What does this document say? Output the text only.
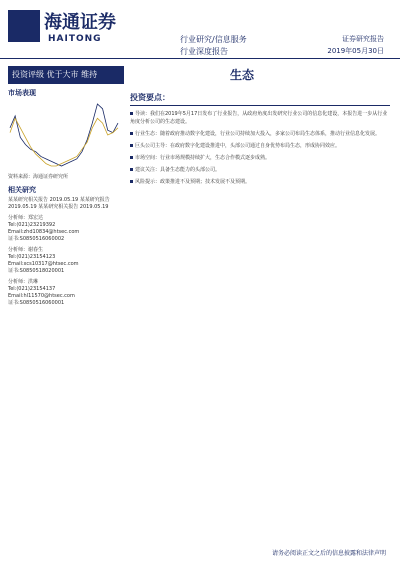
海通证券
HAITONG	行业研究/信息服务
行业深度报告
证券研究报告
2019年05月30日
投资评级 优于大市 维持	生态
市场表现
资料来源：海通证券研究所
相关研究
某某研究相关报告 2019.05.19 某某研究报告 2019.05.19 某某研究相关报告 2019.05.19
分析师：郑宏达
Tel:(021)23219392
Email:zhd10834@htsec.com
证书:S0850516060002
分析师：谢春生
Tel:(021)23154123
Email:xcs10317@htsec.com
证书:S0850518020001
分析师：洪琳
Tel:(021)23154137
Email:hl11570@htsec.com
证书:S0850516060001
投资要点：
导读：我们在2019年5月17日发布了行业报告，从政府角度出发研究行业公司的信息化建设，本报告进一步从行业角度分析公司的生态建设。
行业生态：随着政府推动数字化建设，行业公司持续加大投入，多家公司布局生态体系，推动行业信息化发展。
巨头公司主导：在政府数字化建设推进中，头部公司通过自身优势布局生态，形成协同效应。
市场空间：行业市场规模持续扩大，生态合作模式逐步成熟。
建议关注：具备生态能力的头部公司。
风险提示：政策推进不及预期；技术发展不及预期。
请务必阅读正文之后的信息披露和法律声明
